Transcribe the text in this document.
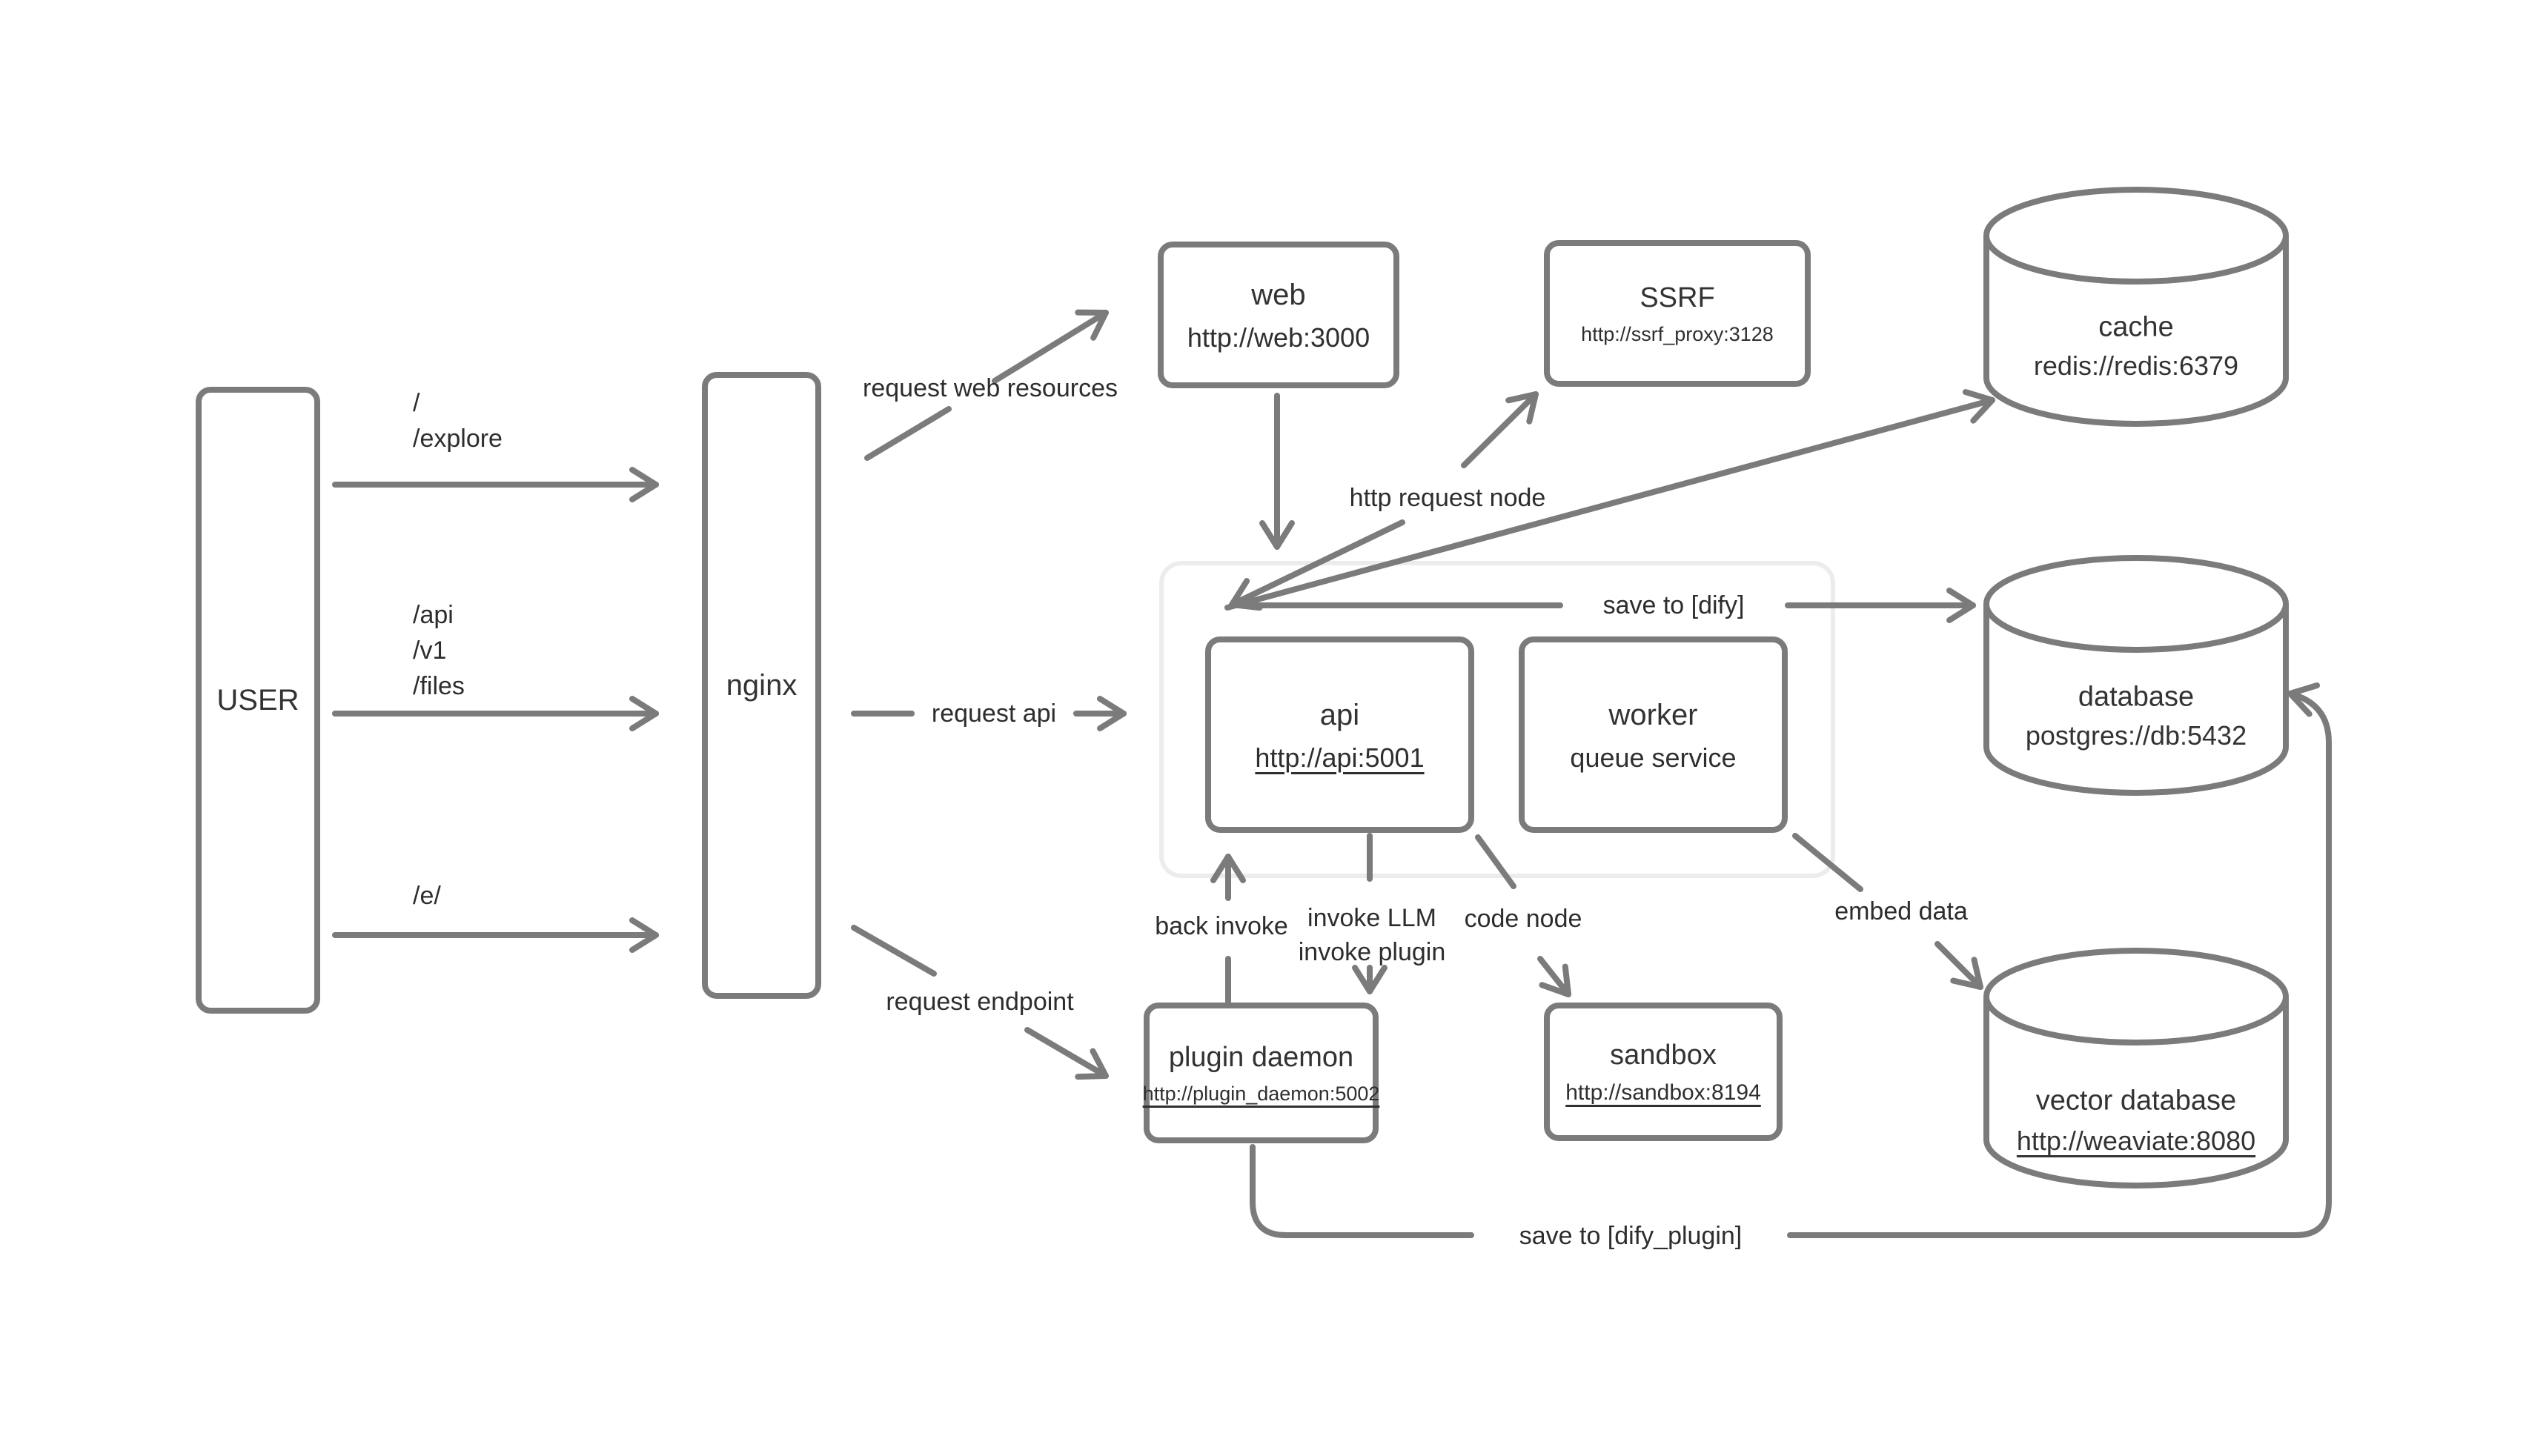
USER	nginx
web
http://web:3000
SSRF
http://ssrf_proxy:3128
api
http://api:5001
worker
queue service
plugin daemon
http://plugin_daemon:5002
sandbox
http://sandbox:8194
cache
redis://redis:6379
database
postgres://db:5432
vector database
http://weaviate:8080
/
/explore
/api
/v1
/files
/e/
request web resources
request api
request endpoint
http request node
save to [dify]
back invoke invoke LLM
invoke plugin
code node	embed data
save to [dify_plugin]
